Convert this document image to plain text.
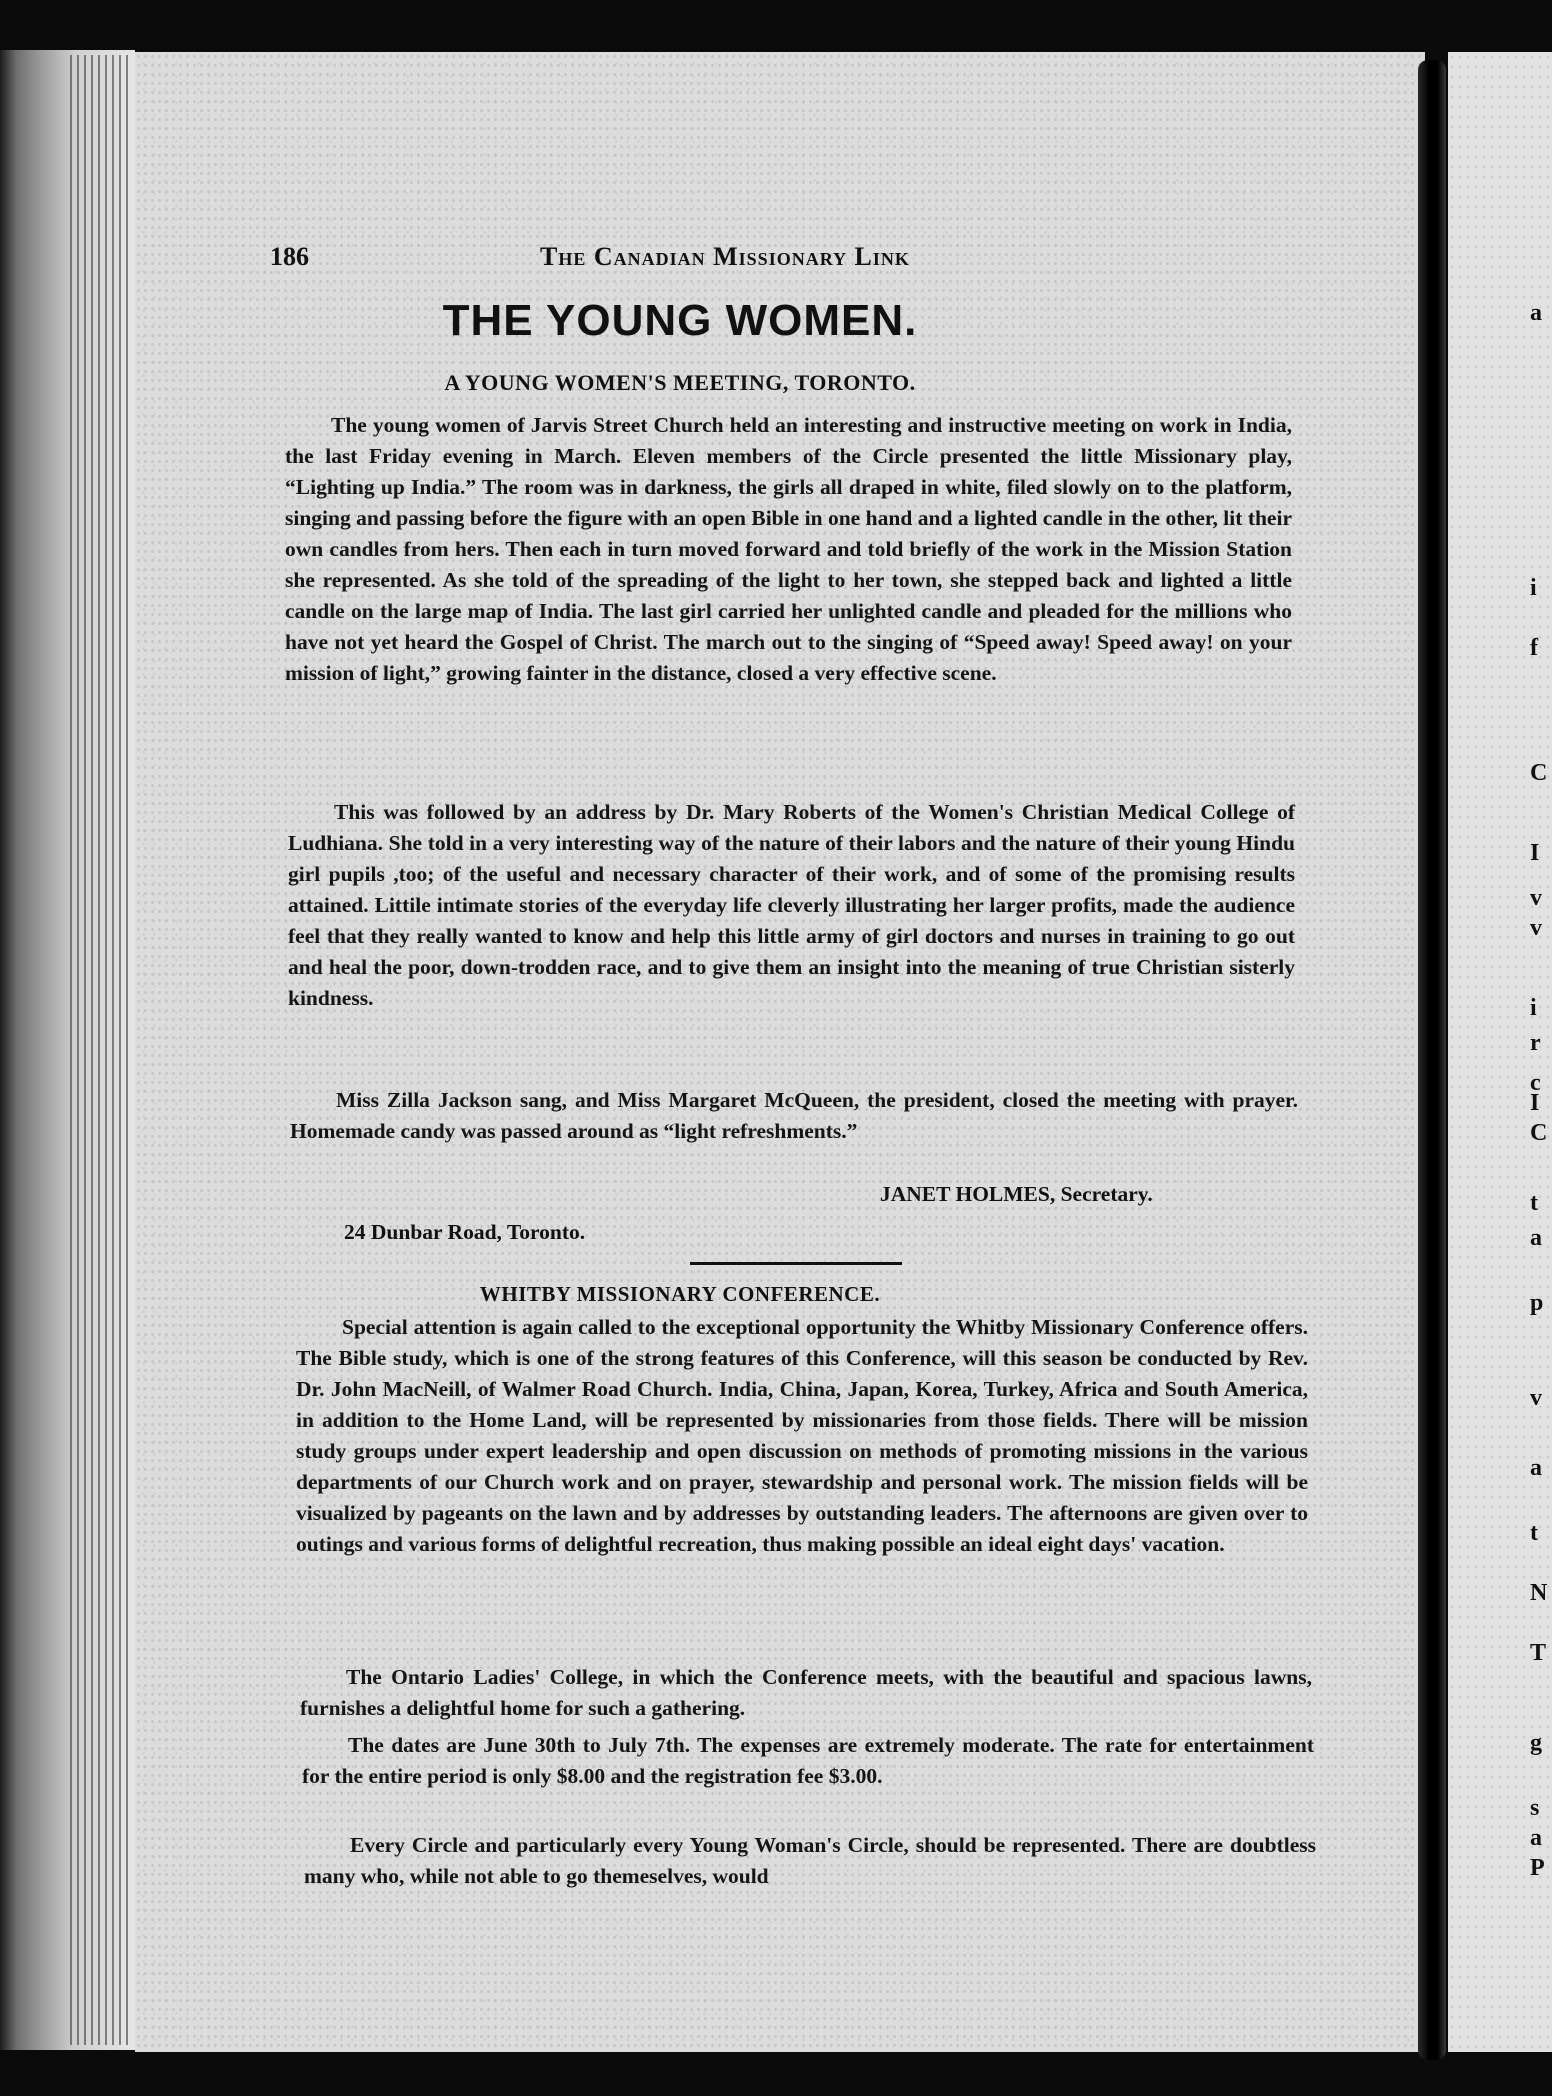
a
i
f
C
I
v
v
i
r
c
I
C
t
a
p
v
a
t
N
T
g
s
a
P
186	The Canadian Missionary Link
THE YOUNG WOMEN.
A YOUNG WOMEN'S MEETING, TORONTO.

The young women of Jarvis Street Church held an interesting and instructive meeting on work in India, the last Friday evening in March. Eleven members of the Circle presented the little Missionary play, “Lighting up India.” The room was in darkness, the girls all draped in white, filed slowly on to the platform, singing and passing before the figure with an open Bible in one hand and a lighted candle in the other, lit their own candles from hers. Then each in turn moved forward and told briefly of the work in the Mission Station she represented. As she told of the spreading of the light to her town, she stepped back and lighted a little candle on the large map of India. The last girl carried her unlighted candle and pleaded for the millions who have not yet heard the Gospel of Christ. The march out to the singing of “Speed away! Speed away! on your mission of light,” growing fainter in the distance, closed a very effective scene.

This was followed by an address by Dr. Mary Roberts of the Women's Christian Medical College of Ludhiana. She told in a very interesting way of the nature of their labors and the nature of their young Hindu girl pupils ,too; of the useful and necessary character of their work, and of some of the promising results attained. Littile intimate stories of the everyday life cleverly illustrating her larger profits, made the audience feel that they really wanted to know and help this little army of girl doctors and nurses in training to go out and heal the poor, down-trodden race, and to give them an insight into the meaning of true Christian sisterly kindness.

Miss Zilla Jackson sang, and Miss Margaret McQueen, the president, closed the meeting with prayer. Homemade candy was passed around as “light refreshments.”

JANET HOLMES, Secretary.
24 Dunbar Road, Toronto.
WHITBY MISSIONARY CONFERENCE.

Special attention is again called to the exceptional opportunity the Whitby Missionary Conference offers. The Bible study, which is one of the strong features of this Conference, will this season be conducted by Rev. Dr. John MacNeill, of Walmer Road Church. India, China, Japan, Korea, Turkey, Africa and South America, in addition to the Home Land, will be represented by missionaries from those fields. There will be mission study groups under expert leadership and open discussion on methods of promoting missions in the various departments of our Church work and on prayer, stewardship and personal work. The mission fields will be visualized by pageants on the lawn and by addresses by outstanding leaders. The afternoons are given over to outings and various forms of delightful recreation, thus making possible an ideal eight days' vacation.

The Ontario Ladies' College, in which the Conference meets, with the beautiful and spacious lawns, furnishes a delightful home for such a gathering.

The dates are June 30th to July 7th. The expenses are extremely moderate. The rate for entertainment for the entire period is only $8.00 and the registration fee $3.00.

Every Circle and particularly every Young Woman's Circle, should be represented. There are doubtless many who, while not able to go themeselves, would
